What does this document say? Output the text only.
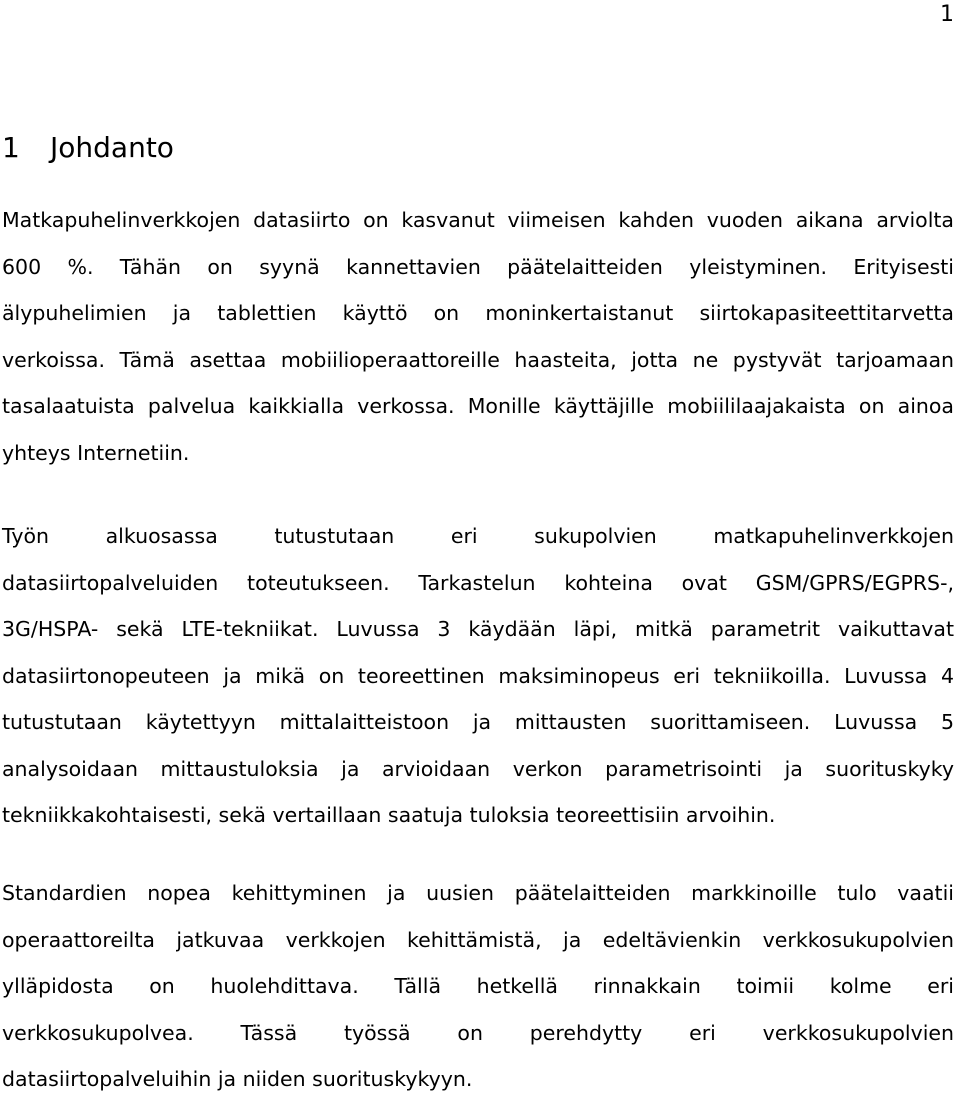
1
1 Johdanto

Matkapuhelinverkkojen datasiirto on kasvanut viimeisen kahden vuoden aikana arviolta
600 %. Tähän on syynä kannettavien päätelaitteiden yleistyminen. Erityisesti
älypuhelimien ja tablettien käyttö on moninkertaistanut siirtokapasiteettitarvetta
verkoissa. Tämä asettaa mobiilioperaattoreille haasteita, jotta ne pystyvät tarjoamaan
tasalaatuista palvelua kaikkialla verkossa. Monille käyttäjille mobiililaajakaista on ainoa
yhteys Internetiin.

Työn alkuosassa tutustutaan eri sukupolvien matkapuhelinverkkojen
datasiirtopalveluiden toteutukseen. Tarkastelun kohteina ovat GSM/GPRS/EGPRS-,
3G/HSPA- sekä LTE-tekniikat. Luvussa 3 käydään läpi, mitkä parametrit vaikuttavat
datasiirtonopeuteen ja mikä on teoreettinen maksiminopeus eri tekniikoilla. Luvussa 4
tutustutaan käytettyyn mittalaitteistoon ja mittausten suorittamiseen. Luvussa 5
analysoidaan mittaustuloksia ja arvioidaan verkon parametrisointi ja suorituskyky
tekniikkakohtaisesti, sekä vertaillaan saatuja tuloksia teoreettisiin arvoihin.

Standardien nopea kehittyminen ja uusien päätelaitteiden markkinoille tulo vaatii
operaattoreilta jatkuvaa verkkojen kehittämistä, ja edeltävienkin verkkosukupolvien
ylläpidosta on huolehdittava. Tällä hetkellä rinnakkain toimii kolme eri
verkkosukupolvea. Tässä työssä on perehdytty eri verkkosukupolvien
datasiirtopalveluihin ja niiden suorituskykyyn.
